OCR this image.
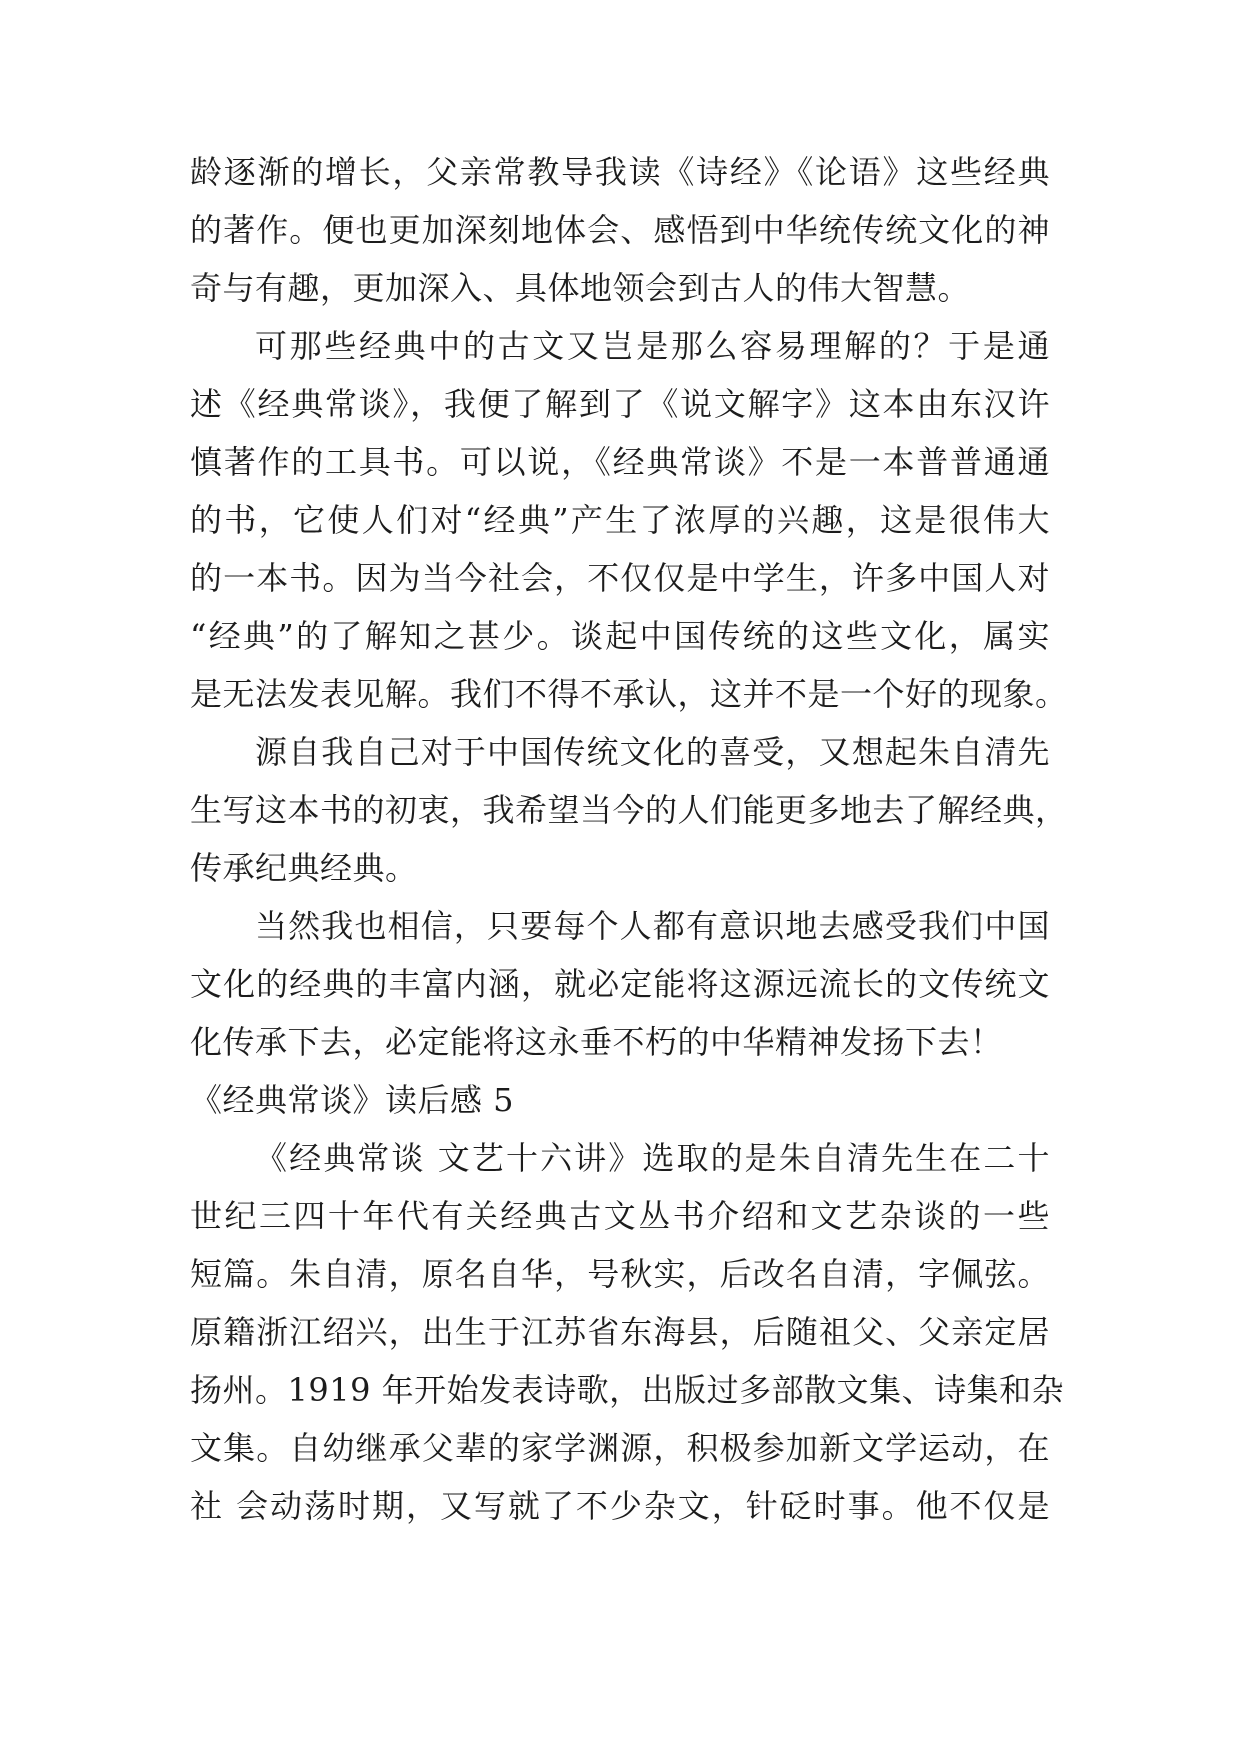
龄逐渐的增长，父亲常教导我读《诗经》《论语》这些经典
的著作。便也更加深刻地体会、感悟到中华统传统文化的神
奇与有趣，更加深入、具体地领会到古人的伟大智慧。
可那些经典中的古文又岂是那么容易理解的？于是通
述《经典常谈》，我便了解到了《说文解字》这本由东汉许
慎著作的工具书。可以说，《经典常谈》不是一本普普通通
的书，它使人们对“经典”产生了浓厚的兴趣，这是很伟大
的一本书。因为当今社会，不仅仅是中学生，许多中国人对
“经典”的了解知之甚少。谈起中国传统的这些文化，属实
是无法发表见解。我们不得不承认，这并不是一个好的现象。
源自我自己对于中国传统文化的喜受，又想起朱自清先
生写这本书的初衷，我希望当今的人们能更多地去了解经典，
传承纪典经典。
当然我也相信，只要每个人都有意识地去感受我们中国
文化的经典的丰富内涵，就必定能将这源远流长的文传统文
化传承下去，必定能将这永垂不朽的中华精神发扬下去！
《经典常谈》读后感 5
《经典常谈 文艺十六讲》选取的是朱自清先生在二十
世纪三四十年代有关经典古文丛书介绍和文艺杂谈的一些
短篇。朱自清，原名自华，号秋实，后改名自清，字佩弦。
原籍浙江绍兴，出生于江苏省东海县，后随祖父、父亲定居
扬州。1919 年开始发表诗歌，出版过多部散文集、诗集和杂
文集。自幼继承父辈的家学渊源，积极参加新文学运动，在
社 会动荡时期，又写就了不少杂文，针砭时事。他不仅是
